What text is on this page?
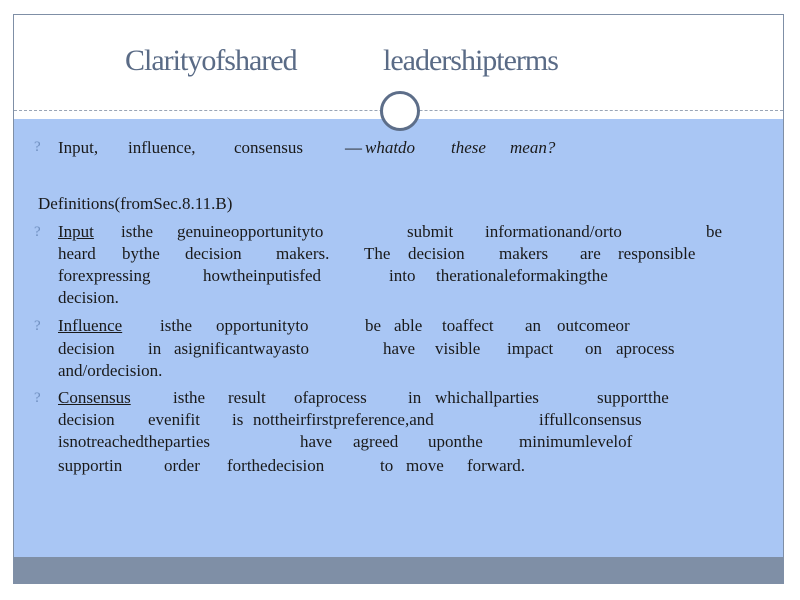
Clarityofshared	leadershipterms
? Input, influence, consensus — whatdo these mean?
Definitions(fromSec.8.11.B)
? Input isthe genuineopportunityto	submit informationand/orto	be
heard bythe decision makers. The decision makers are responsible
forexpressing	howtheinputisfed	into therationaleformakingthe
decision.
? Influence isthe opportunityto	be able toaffect an outcomeor
decision in asignificantwayasto	have visible impact on aprocess
and/ordecision.
? Consensus isthe result ofaprocess in whichallparties	supportthe
decision evenifit is nottheirfirstpreference,and	iffullconsensus
isnotreachedtheparties	have agreed uponthe minimumlevelof
supportin order forthedecision	to move forward.
